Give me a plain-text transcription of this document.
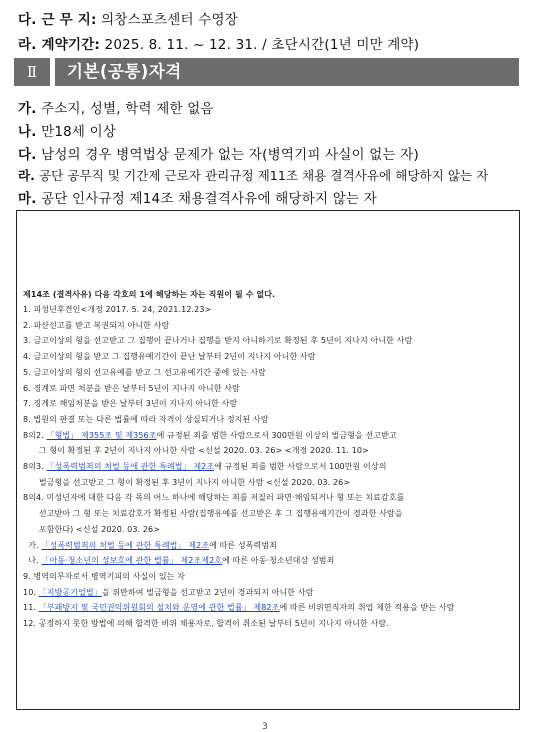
다. 근 무 지: 의창스포츠센터 수영장
라. 계약기간: 2025. 8. 11. ~ 12. 31. / 초단시간(1년 미만 계약)
Ⅱ	기본(공통)자격
가. 주소지, 성별, 학력 제한 없음
나. 만18세 이상
다. 남성의 경우 병역법상 문제가 없는 자(병역기피 사실이 없는 자)
라. 공단 공무직 및 기간제 근로자 관리규정 제11조 채용 결격사유에 해당하지 않는 자
마. 공단 인사규정 제14조 채용결격사유에 해당하지 않는 자
제14조 (결격사유) 다음 각호의 1에 해당하는 자는 직원이 될 수 없다.
1. 피성년후견인<개정 2017. 5. 24, 2021.12.23>
2. 파산선고를 받고 복권되지 아니한 사람
3. 금고이상의 형을 선고받고 그 집행이 끝나거나 집행을 받지 아니하기로 확정된 후 5년이 지나지 아니한 사람
4. 금고이상의 형을 받고 그 집행유예기간이 끝난 날부터 2년이 지나지 아니한 사람
5. 금고이상의 형의 선고유예를 받고 그 선고유예기간 중에 있는 사람
6. 징계로 파면 처분을 받은 날부터 5년이 지나지 아니한 사람
7. 징계로 해임처분을 받은 날부터 3년이 지나지 아니한 사람
8. 법원의 판결 또는 다른 법률에 따라 자격이 상실되거나 정지된 사람
8의2. 「형법」 제355조 및 제356조에 규정된 죄를 범한 사람으로서 300만원 이상의 벌금형을 선고받고
그 형이 확정된 후 2년이 지나지 아니한 사람 <신설 2020. 03. 26> <개정 2020. 11. 10>
8의3. 「성폭력범죄의 처벌 등에 관한 특례법」 제2조에 규정된 죄를 범한 사람으로서 100만원 이상의
벌금형을 선고받고 그 형이 확정된 후 3년이 지나지 아니한 사람 <신설 2020. 03. 26>
8의4. 미성년자에 대한 다음 각 목의 어느 하나에 해당하는 죄를 저질러 파면·해임되거나 형 또는 치료감호를
선고받아 그 형 또는 치료감호가 확정된 사람(집행유예를 선고받은 후 그 집행유예기간이 경과한 사람을
포함한다) <신설 2020. 03. 26>
가. 「성폭력범죄의 처벌 등에 관한 특례법」 제2조에 따른 성폭력범죄
나. 「아동·청소년의 성보호에 관한 법률」 제2조제2호에 따른 아동·청소년대상 성범죄
9. 병역의무자로서 병역기피의 사실이 있는 자
10. 「지방공기업법」을 위반하여 벌금형을 선고받고 2년이 경과되지 아니한 사람
11. 「부패방지 및 국민권익위원회의 설치와 운영에 관한 법률」 제82조에 따른 비위면직자의 취업 제한 적용을 받는 사람
12. 공정하지 못한 방법에 의해 합격한 비위 채용자로, 합격이 취소된 날부터 5년이 지나지 아니한 사람.
3
